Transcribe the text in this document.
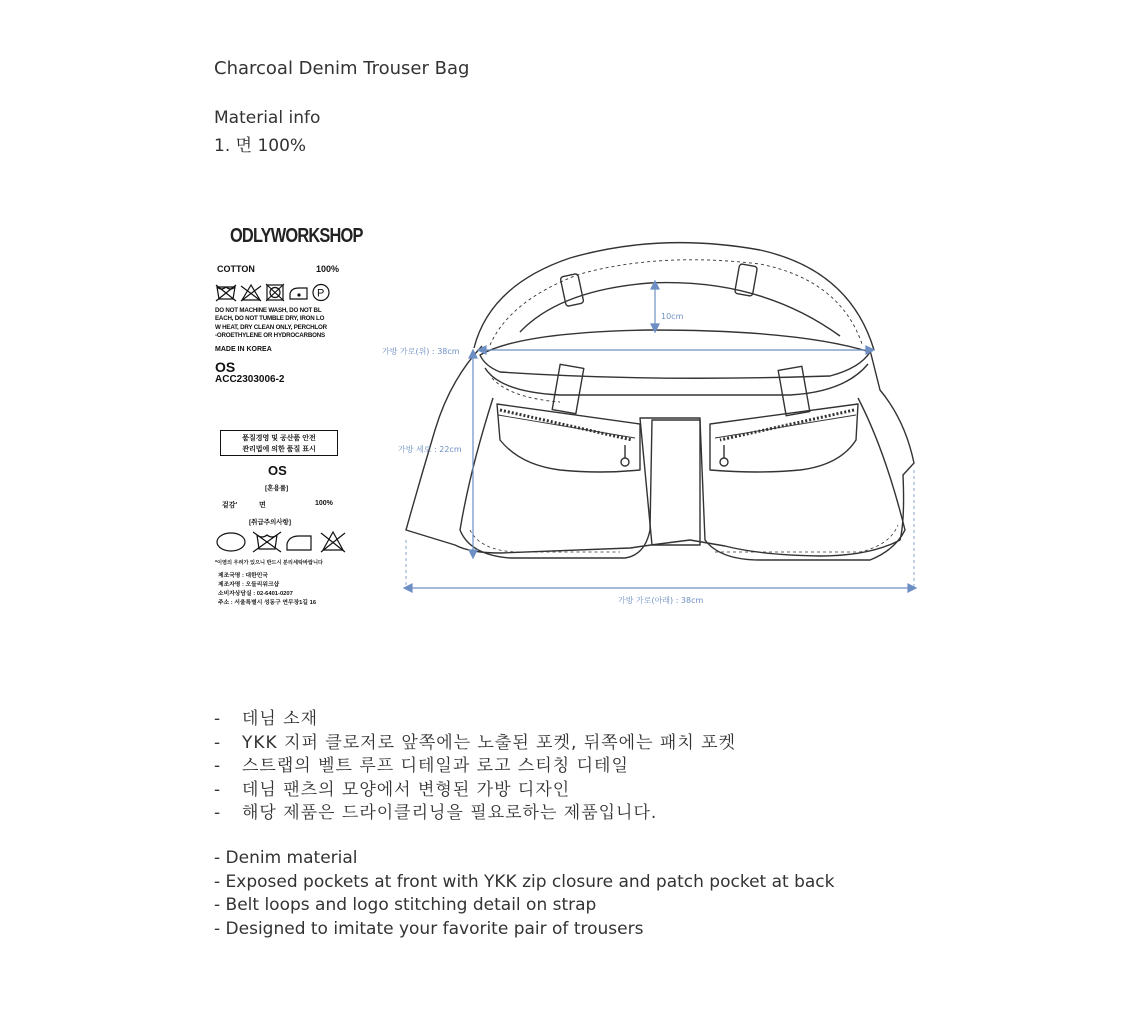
Charcoal Denim Trouser Bag
Material info
1. 면 100%
ODLYWORKSHOP
COTTON	100%
P
DO NOT MACHINE WASH, DO NOT BL
EACH, DO NOT TUMBLE DRY, IRON LO
W HEAT, DRY CLEAN ONLY, PERCHLOR
-OROETHYLENE OR HYDROCARBONS
MADE IN KOREA
OS
ACC2303006-2
품질경영 및 공산품 안전
관리법에 의한 품질 표시
OS
[혼용률]
겉감'	면	100%
[취급주의사항]
*이염의 우려가 있으니 반드시 분리세탁바랍니다
제조국명 : 대한민국
제조자명 : 오들리워크샵
소비자상담실 : 02-6401-0207
주소 : 서울특별시 성동구 연무장1길 16
10cm
가방 가로(위) : 38cm
가방 세로 : 22cm
가방 가로(아래) : 38cm
- 데님 소재
- YKK 지퍼 클로저로 앞쪽에는 노출된 포켓, 뒤쪽에는 패치 포켓
- 스트랩의 벨트 루프 디테일과 로고 스티칭 디테일
- 데님 팬츠의 모양에서 변형된 가방 디자인
- 해당 제품은 드라이클리닝을 필요로하는 제품입니다.
- Denim material
- Exposed pockets at front with YKK zip closure and patch pocket at back
- Belt loops and logo stitching detail on strap
- Designed to imitate your favorite pair of trousers
